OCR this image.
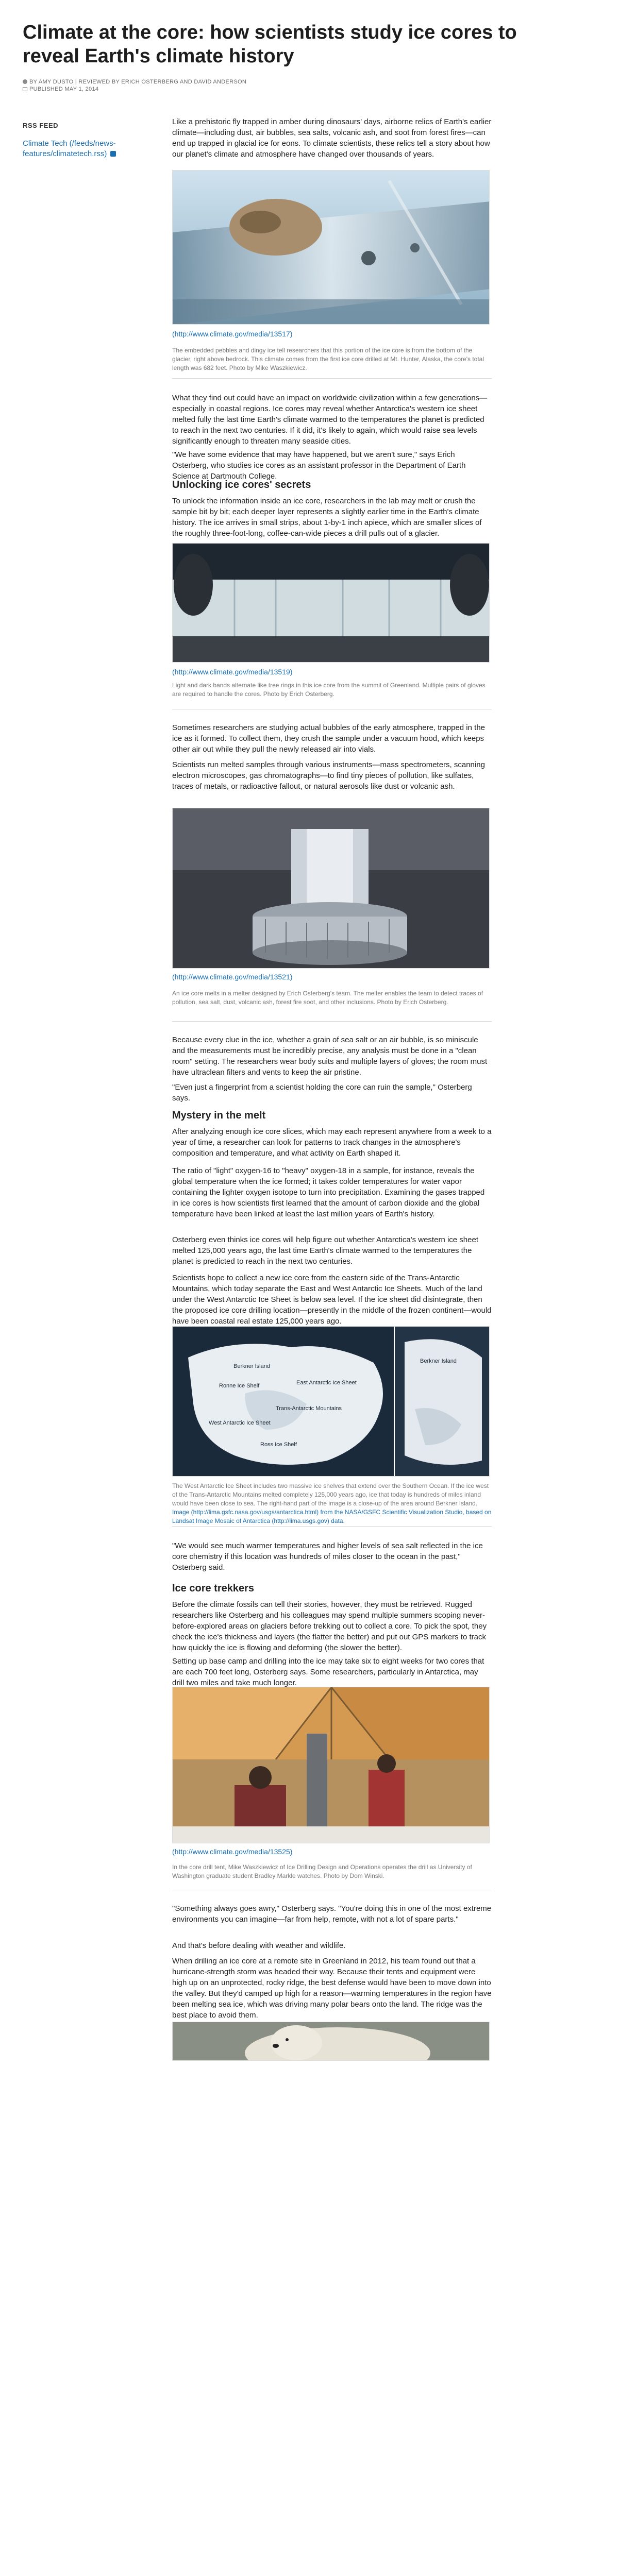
Climate at the core: how scientists study ice cores to reveal Earth's climate history
BY AMY DUSTO | REVIEWED BY ERICH OSTERBERG AND DAVID ANDERSON
PUBLISHED MAY 1, 2014
RSS FEED
Climate Tech (/feeds/news-features/climatetech.rss)

Like a prehistoric fly trapped in amber during dinosaurs' days, airborne relics of Earth's earlier climate—including dust, air bubbles, sea salts, volcanic ash, and soot from forest fires—can end up trapped in glacial ice for eons. To climate scientists, these relics tell a story about how our planet's climate and atmosphere have changed over thousands of years.

(http://www.climate.gov/media/13517)

The embedded pebbles and dingy ice tell researchers that this portion of the ice core is from the bottom of the glacier, right above bedrock. This climate comes from the first ice core drilled at Mt. Hunter, Alaska, the core's total length was 682 feet. Photo by Mike Waszkiewicz.

What they find out could have an impact on worldwide civilization within a few generations—especially in coastal regions. Ice cores may reveal whether Antarctica's western ice sheet melted fully the last time Earth's climate warmed to the temperatures the planet is predicted to reach in the next two centuries. If it did, it's likely to again, which would raise sea levels significantly enough to threaten many seaside cities.

"We have some evidence that may have happened, but we aren't sure," says Erich Osterberg, who studies ice cores as an assistant professor in the Department of Earth Science at Dartmouth College.

Unlocking ice cores' secrets

To unlock the information inside an ice core, researchers in the lab may melt or crush the sample bit by bit; each deeper layer represents a slightly earlier time in the Earth's climate history. The ice arrives in small strips, about 1-by-1 inch apiece, which are smaller slices of the roughly three-foot-long, coffee-can-wide pieces a drill pulls out of a glacier.

(http://www.climate.gov/media/13519)

Light and dark bands alternate like tree rings in this ice core from the summit of Greenland. Multiple pairs of gloves are required to handle the cores. Photo by Erich Osterberg.

Sometimes researchers are studying actual bubbles of the early atmosphere, trapped in the ice as it formed. To collect them, they crush the sample under a vacuum hood, which keeps other air out while they pull the newly released air into vials.

Scientists run melted samples through various instruments—mass spectrometers, scanning electron microscopes, gas chromatographs—to find tiny pieces of pollution, like sulfates, traces of metals, or radioactive fallout, or natural aerosols like dust or volcanic ash.

(http://www.climate.gov/media/13521)

An ice core melts in a melter designed by Erich Osterberg's team. The melter enables the team to detect traces of pollution, sea salt, dust, volcanic ash, forest fire soot, and other inclusions. Photo by Erich Osterberg.

Because every clue in the ice, whether a grain of sea salt or an air bubble, is so miniscule and the measurements must be incredibly precise, any analysis must be done in a "clean room" setting. The researchers wear body suits and multiple layers of gloves; the room must have ultraclean filters and vents to keep the air pristine.

"Even just a fingerprint from a scientist holding the core can ruin the sample," Osterberg says.

Mystery in the melt

After analyzing enough ice core slices, which may each represent anywhere from a week to a year of time, a researcher can look for patterns to track changes in the atmosphere's composition and temperature, and what activity on Earth shaped it.

The ratio of "light" oxygen-16 to "heavy" oxygen-18 in a sample, for instance, reveals the global temperature when the ice formed; it takes colder temperatures for water vapor containing the lighter oxygen isotope to turn into precipitation. Examining the gases trapped in ice cores is how scientists first learned that the amount of carbon dioxide and the global temperature have been linked at least the last million years of Earth's history.

Osterberg even thinks ice cores will help figure out whether Antarctica's western ice sheet melted 125,000 years ago, the last time Earth's climate warmed to the temperatures the planet is predicted to reach in the next two centuries.

Scientists hope to collect a new ice core from the eastern side of the Trans-Antarctic Mountains, which today separate the East and West Antarctic Ice Sheets. Much of the land under the West Antarctic Ice Sheet is below sea level. If the ice sheet did disintegrate, then the proposed ice core drilling location—presently in the middle of the frozen continent—would have been coastal real estate 125,000 years ago.

Berkner Island
Ronne Ice Shelf	East Antarctic Ice Sheet
Trans-Antarctic Mountains
West Antarctic Ice Sheet
Ross Ice Shelf
Berkner Island

The West Antarctic Ice Sheet includes two massive ice shelves that extend over the Southern Ocean. If the ice west of the Trans-Antarctic Mountains melted completely 125,000 years ago, ice that today is hundreds of miles inland would have been close to sea. The right-hand part of the image is a close-up of the area around Berkner Island. Image (http://lima.gsfc.nasa.gov/usgs/antarctica.html) from the NASA/GSFC Scientific Visualization Studio, based on Landsat Image Mosaic of Antarctica (http://lima.usgs.gov) data.

"We would see much warmer temperatures and higher levels of sea salt reflected in the ice core chemistry if this location was hundreds of miles closer to the ocean in the past," Osterberg said.

Ice core trekkers

Before the climate fossils can tell their stories, however, they must be retrieved. Rugged researchers like Osterberg and his colleagues may spend multiple summers scoping never-before-explored areas on glaciers before trekking out to collect a core. To pick the spot, they check the ice's thickness and layers (the flatter the better) and put out GPS markers to track how quickly the ice is flowing and deforming (the slower the better).

Setting up base camp and drilling into the ice may take six to eight weeks for two cores that are each 700 feet long, Osterberg says. Some researchers, particularly in Antarctica, may drill two miles and take much longer.

(http://www.climate.gov/media/13525)

In the core drill tent, Mike Waszkiewicz of Ice Drilling Design and Operations operates the drill as University of Washington graduate student Bradley Markle watches. Photo by Dom Winski.

"Something always goes awry," Osterberg says. "You're doing this in one of the most extreme environments you can imagine—far from help, remote, with not a lot of spare parts."

And that's before dealing with weather and wildlife.

When drilling an ice core at a remote site in Greenland in 2012, his team found out that a hurricane-strength storm was headed their way. Because their tents and equipment were high up on an unprotected, rocky ridge, the best defense would have been to move down into the valley. But they'd camped up high for a reason—warming temperatures in the region have been melting sea ice, which was driving many polar bears onto the land. The ridge was the best place to avoid them.
